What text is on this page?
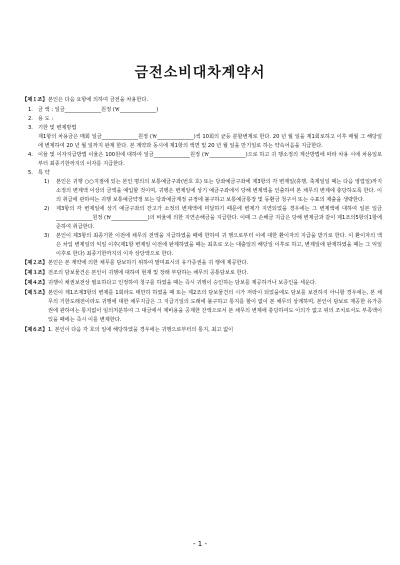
금전소비대차계약서
【제１조】 본인은 다음 요항에 의하여 금전을 차용한다.
1. 금 액 : 일금______________원정 (￦______________)
2. 용 도 :
3. 기한 및 변제방법
제1항의 차용금은 매회 일금______________원정 (￦______________)씩 10회의 균등 분할변제로 한다. 20 년 월 일을 제1회로하고 이후 매월 그 해당일에 변제하여 20 년 월 일까지 완제 한다. 본 계약과 동시에 제1항의 액면 및 20 년 월 일을 만기일로 하는 약속어음을 지급한다.
4. 이율 및 이자지급방법 이율은 100원에 대하여 일금______________원정 (￦______________)으로 하고 귀 행소정의 계산방법에 따라 차용 시에 차용일로부터 최종기한까지의 이자를 지급한다.
5. 특 약
1)	본인은 귀행 ○○지점에 있는 본인 명의의 보통예금구좌(번호 호) 또는 당좌예금구좌에 제3항의 각 변제일(휴행, 축제일일 때는 다음 영업일)까지 소정의 변제액 이상의 금액을 예입할 것이며, 귀행은 변제일에 상기 예금구좌에서 당해 변제액을 인출하여 본 채무의 변제에 충당하도록 한다. 이의 취급에 관하여는 귀행 보통예금약정 또는 당좌예금계정 규정에 불구하고 보통예금통장 및 동환금 청구서 또는 수표의 제출을 생략한다.
2)	제3항의 각 변제일에 상기 예금구좌의 잔고가 소정의 변제액에 미달하기 때문에 변제가 지연되었을 경우에는 그 변제액에 대하여 일본 일금______________원정 (￦______________)의 비율에 의한 지연손해금을 지급한다. 이때 그 손해금 지급은 당해 변제금과 같이 제1조의5항의1항에 준하여 취급한다.
3)	본인이 제3항의 최종기한 이전에 채무의 전액을 지급하였을 때에 한하여 귀 행으로부터 이에 대한 환이자의 지급을 받기로 한다. 이 환이자의 액은 차입 변제일의 익일 이후(제1항 변제일 이전에 완제하였을 때는 최초로 오는 대출일의 해당일 이후로 하고, 변제일에 완제하였을 때는 그 익일 이후로 한다) 최종기한까지의 이자 상당액으로 한다.
【제２조】 본인은 본 계약에 의한 채무를 담보하기 위하여 말미표시의 유가증권을 귀 행에 제공한다.
【제３조】 전조의 담보물건은 본인이 귀행에 대하여 현재 및 장래 부담하는 채무의 공통담보로 한다.
【제４조】 귀행이 채권보전상 필요하다고 인정하여 청구를 하였을 때는 즉시 귀행이 승인하는 담보를 제공하거나 보증인을 세운다.
【제５조】 본인이 제1조제3항의 변제를 1회라도 태만히 하였을 때 또는 제2조의 담보물건의 시가 저락이 되었을에도 담보를 보전하지 아니할 경우에는, 본 채무의 기한도래전이라도 귀행에 대한 채무지급은 그 지급기일의 도래에 불구하고 통지를 할이 없이 본 채무의 상계하며, 본인이 담보로 제공한 유가증권에 관하여는 통지없이 임의처분하여 그 대금에서 제비용을 공제한 잔액으로서 본 채무의 변제에 충당하여도 이의가 없고 위의 조치로서도 부족액이 있을 때에는 즉시 이를 변제한다.
【제６조】 1. 본인이 다음 각 호의 일에 해당하였을 경우에는 귀행으로부터의 통지, 최고 없이
- 1 -
